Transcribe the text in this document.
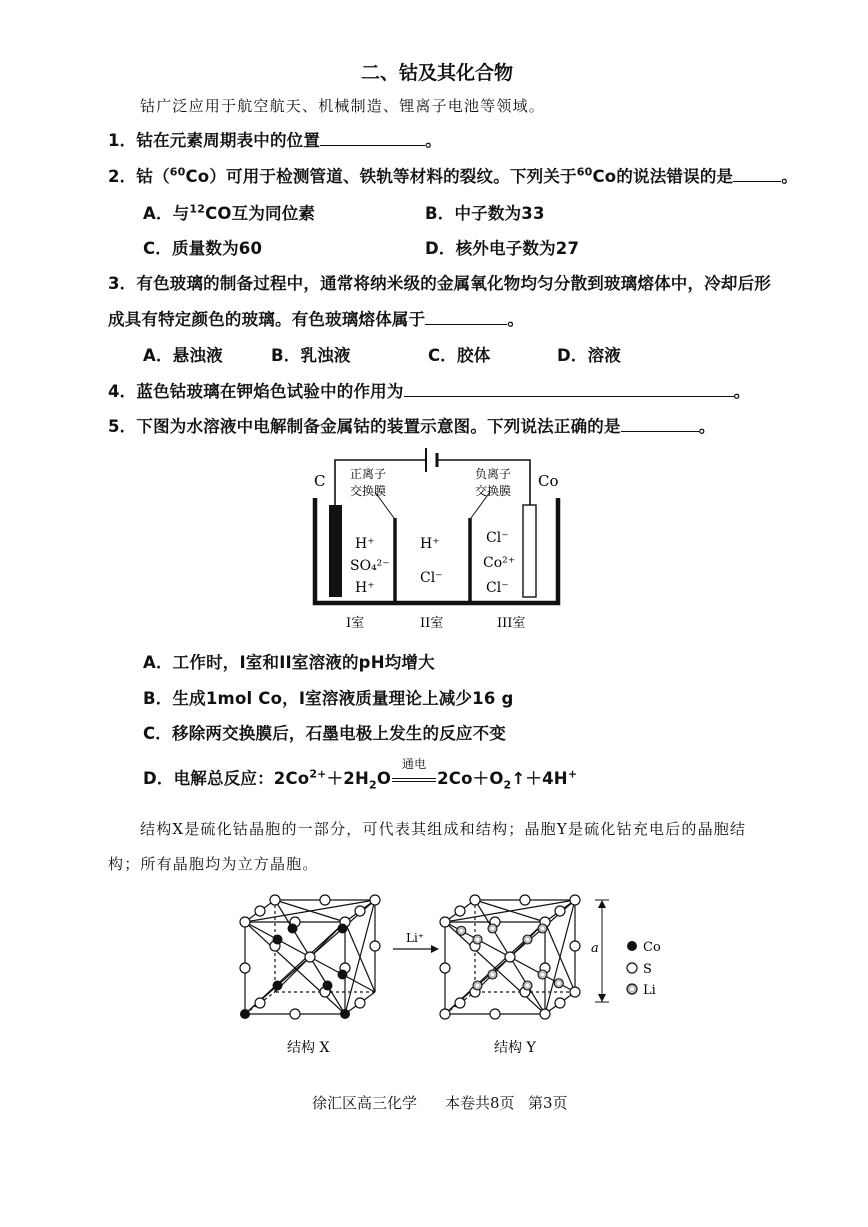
二、钴及其化合物
钴广泛应用于航空航天、机械制造、锂离子电池等领域。
1．钴在元素周期表中的位置	。
2．钴（$^{60}$Co）可用于检测管道、铁轨等材料的裂纹。下列关于$^{60}$Co的说法错误的是	。
A．与$^{12}$CO互为同位素	B．中子数为33
C．质量数为60	D．核外电子数为27
3．有色玻璃的制备过程中，通常将纳米级的金属氧化物均匀分散到玻璃熔体中，冷却后形
成具有特定颜色的玻璃。有色玻璃熔体属于	。
A．悬浊液	B．乳浊液	C．胶体	D．溶液
4．蓝色钴玻璃在钾焰色试验中的作用为	。
5．下图为水溶液中电解制备金属钴的装置示意图。下列说法正确的是	。
C	Co
正离子
交换膜
负离子
交换膜
H⁺
SO₄²⁻
H⁺
H⁺
Cl⁻
Cl⁻
Co²⁺
Cl⁻
I室	II室	III室
A．工作时，I室和II室溶液的pH均增大
B．生成1mol Co，I室溶液质量理论上减少16 g
C．移除两交换膜后，石墨电极上发生的反应不变
D．电解总反应：$2Co^{2+}+2H_2O$
通电
$2Co+O_2↑+4H^+$
结构X是硫化钴晶胞的一部分，可代表其组成和结构；晶胞Y是硫化钴充电后的晶胞结
构；所有晶胞均为立方晶胞。
Li⁺
a	Co
S
Li
结构 X	结构 Y
徐汇区高三化学 本卷共8页 第3页
